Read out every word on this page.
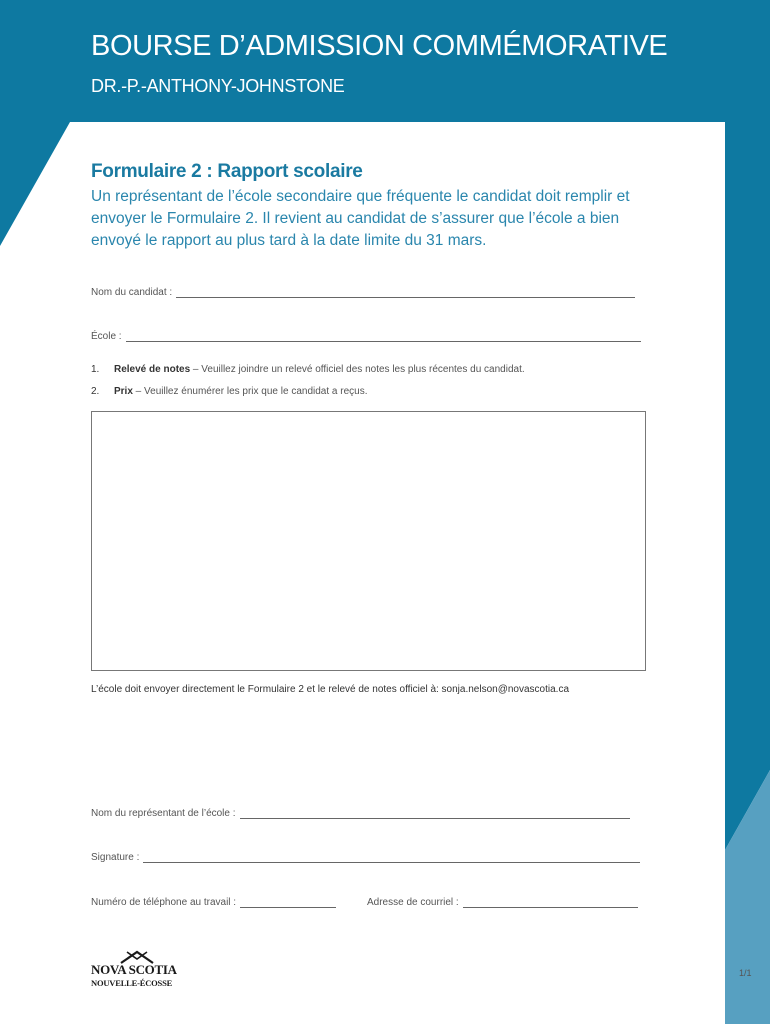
BOURSE D’ADMISSION COMMÉMORATIVE
DR.-P.-ANTHONY-JOHNSTONE
Formulaire 2 : Rapport scolaire

Un représentant de l’école secondaire que fréquente le candidat doit remplir et envoyer le Formulaire 2. Il revient au candidat de s’assurer que l’école a bien envoyé le rapport au plus tard à la date limite du 31 mars.

Nom du candidat :
École :
1. Relevé de notes – Veuillez joindre un relevé officiel des notes les plus récentes du candidat.
2. Prix – Veuillez énumérer les prix que le candidat a reçus.
L’école doit envoyer directement le Formulaire 2 et le relevé de notes officiel à: sonja.nelson@novascotia.ca
Nom du représentant de l’école :
Signature :
Numéro de téléphone au travail :	Adresse de courriel :
NOVA SCOTIA
NOUVELLE-ÉCOSSE
1/1
